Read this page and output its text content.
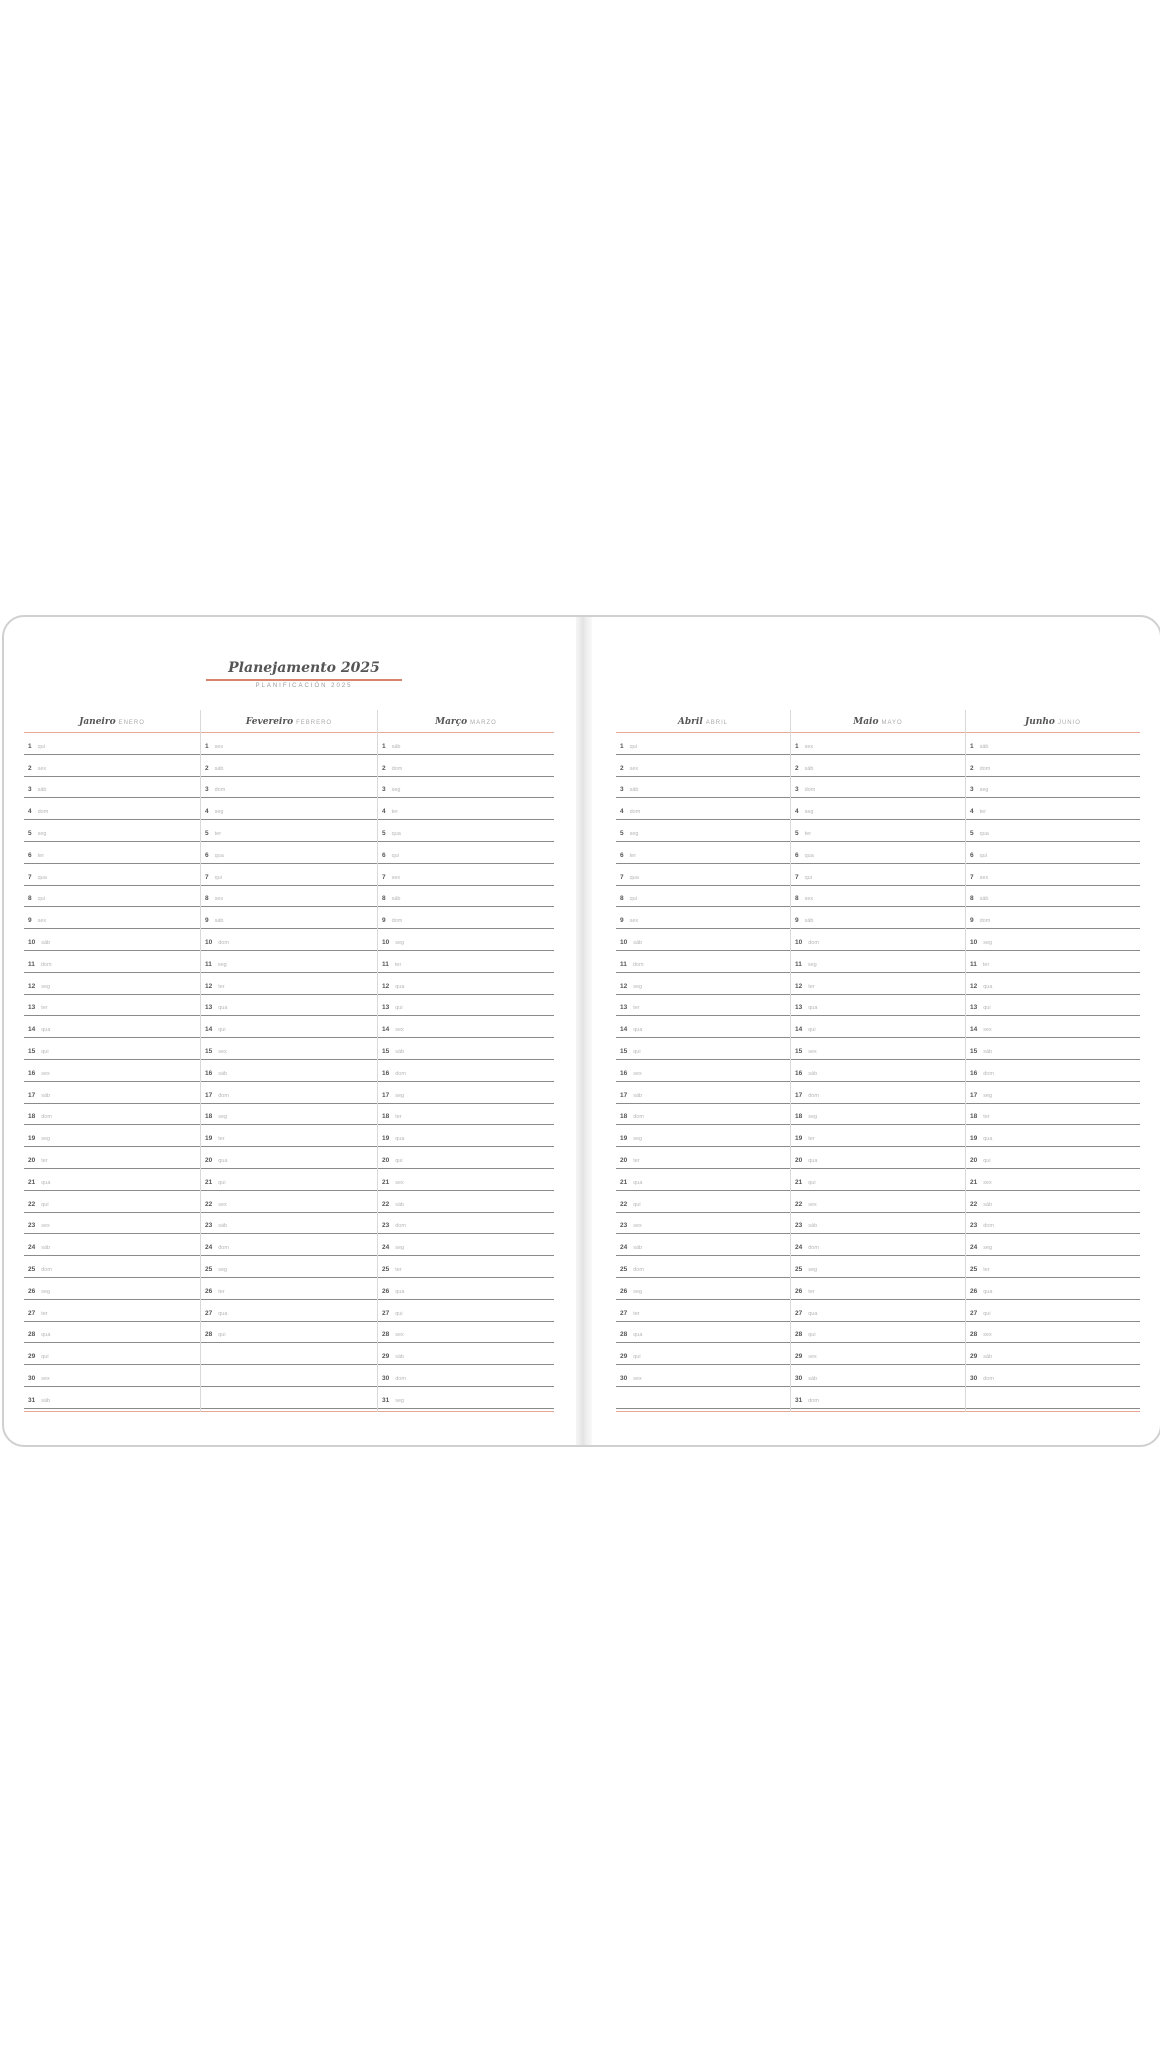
Planejamento 2025
PLANIFICACIÓN 2025
Janeiro ENERO
1 qui
2 sex
3 sáb
4 dom
5 seg
6 ter
7 qua
8 qui
9 sex
10 sáb
11 dom
12 seg
13 ter
14 qua
15 qui
16 sex
17 sáb
18 dom
19 seg
20 ter
21 qua
22 qui
23 sex
24 sáb
25 dom
26 seg
27 ter
28 qua
29 qui
30 sex
31 sáb
Fevereiro FEBRERO
1 sex
2 sáb
3 dom
4 seg
5 ter
6 qua
7 qui
8 sex
9 sáb
10 dom
11 seg
12 ter
13 qua
14 qui
15 sex
16 sáb
17 dom
18 seg
19 ter
20 qua
21 qui
22 sex
23 sáb
24 dom
25 seg
26 ter
27 qua
28 qui
Março MARZO
1 sáb
2 dom
3 seg
4 ter
5 qua
6 qui
7 sex
8 sáb
9 dom
10 seg
11 ter
12 qua
13 qui
14 sex
15 sáb
16 dom
17 seg
18 ter
19 qua
20 qui
21 sex
22 sáb
23 dom
24 seg
25 ter
26 qua
27 qui
28 sex
29 sáb
30 dom
31 seg
Abril ABRIL
1 qui
2 sex
3 sáb
4 dom
5 seg
6 ter
7 qua
8 qui
9 sex
10 sáb
11 dom
12 seg
13 ter
14 qua
15 qui
16 sex
17 sáb
18 dom
19 seg
20 ter
21 qua
22 qui
23 sex
24 sáb
25 dom
26 seg
27 ter
28 qua
29 qui
30 sex
Maio MAYO
1 sex
2 sáb
3 dom
4 seg
5 ter
6 qua
7 qui
8 sex
9 sáb
10 dom
11 seg
12 ter
13 qua
14 qui
15 sex
16 sáb
17 dom
18 seg
19 ter
20 qua
21 qui
22 sex
23 sáb
24 dom
25 seg
26 ter
27 qua
28 qui
29 sex
30 sáb
31 dom
Junho JUNIO
1 sáb
2 dom
3 seg
4 ter
5 qua
6 qui
7 sex
8 sáb
9 dom
10 seg
11 ter
12 qua
13 qui
14 sex
15 sáb
16 dom
17 seg
18 ter
19 qua
20 qui
21 sex
22 sáb
23 dom
24 seg
25 ter
26 qua
27 qui
28 sex
29 sáb
30 dom
